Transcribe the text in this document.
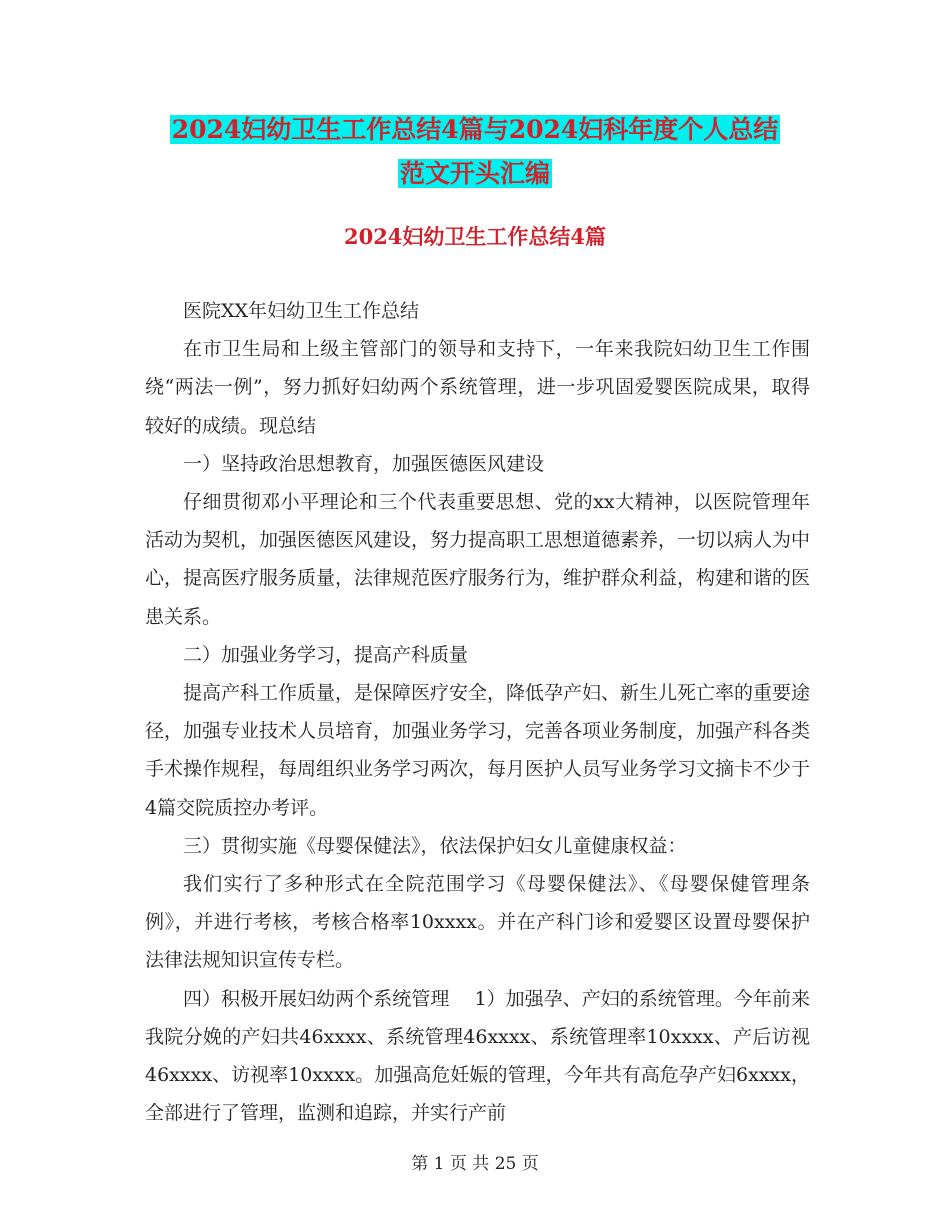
2024妇幼卫生工作总结4篇与2024妇科年度个人总结
范文开头汇编
2024妇幼卫生工作总结4篇

医院XX年妇幼卫生工作总结

在市卫生局和上级主管部门的领导和支持下，一年来我院妇幼卫生工作围绕“两法一例”，努力抓好妇幼两个系统管理，进一步巩固爱婴医院成果，取得较好的成绩。现总结

一）坚持政治思想教育，加强医德医风建设

仔细贯彻邓小平理论和三个代表重要思想、党的xx大精神，以医院管理年活动为契机，加强医德医风建设，努力提高职工思想道德素养，一切以病人为中心，提高医疗服务质量，法律规范医疗服务行为，维护群众利益，构建和谐的医患关系。

二）加强业务学习，提高产科质量

提高产科工作质量，是保障医疗安全，降低孕产妇、新生儿死亡率的重要途径，加强专业技术人员培育，加强业务学习，完善各项业务制度，加强产科各类手术操作规程，每周组织业务学习两次，每月医护人员写业务学习文摘卡不少于4篇交院质控办考评。

三）贯彻实施《母婴保健法》，依法保护妇女儿童健康权益：

我们实行了多种形式在全院范围学习《母婴保健法》、《母婴保健管理条例》，并进行考核，考核合格率10xxxx。并在产科门诊和爱婴区设置母婴保护法律法规知识宣传专栏。

四）积极开展妇幼两个系统管理　 1）加强孕、产妇的系统管理。今年前来我院分娩的产妇共46xxxx、系统管理46xxxx、系统管理率10xxxx、产后访视46xxxx、访视率10xxxx。加强高危妊娠的管理，今年共有高危孕产妇6xxxx，全部进行了管理，监测和追踪，并实行产前

第 1 页 共 25 页
